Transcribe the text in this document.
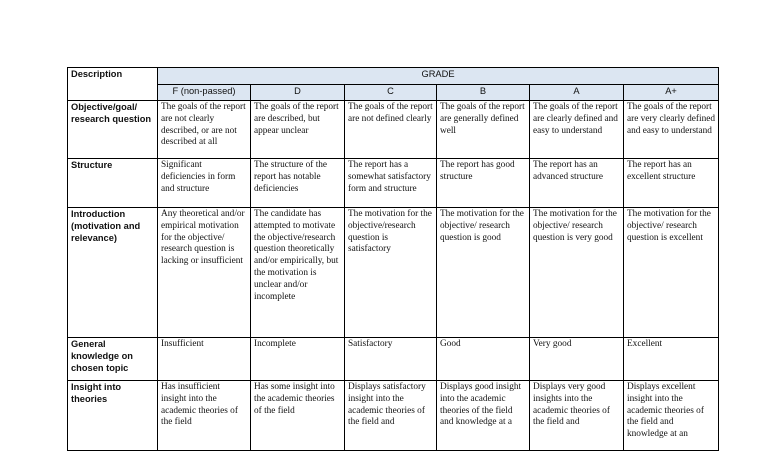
Description	GRADE					
	F (non-passed)	D	C	B	A	A+
Objective/goal/ research question	The goals of the report are not clearly described, or are not described at all	The goals of the report are described, but appear unclear	The goals of the report are not defined clearly	The goals of the report are generally defined well	The goals of the report are clearly defined and easy to understand	The goals of the report are very clearly defined and easy to understand
Structure	Significant deficiencies in form and structure	The structure of the report has notable deficiencies	The report has a somewhat satisfactory form and structure	The report has good structure	The report has an advanced structure	The report has an excellent structure
Introduction (motivation and relevance)	Any theoretical and/or empirical motivation for the objective/ research question is lacking or insufficient	The candidate has attempted to motivate the objective/research question theoretically and/or empirically, but the motivation is unclear and/or incomplete	The motivation for the objective/research question is satisfactory	The motivation for the objective/ research question is good	The motivation for the objective/ research question is very good	The motivation for the objective/ research question is excellent
General knowledge on chosen topic	Insufficient	Incomplete	Satisfactory	Good	Very good	Excellent
Insight into theories	Has insufficient insight into the academic theories of the field	Has some insight into the academic theories of the field	Displays satisfactory insight into the academic theories of the field and	Displays good insight into the academic theories of the field and knowledge at a	Displays very good insights into the academic theories of the field and	Displays excellent insight into the academic theories of the field and knowledge at an
